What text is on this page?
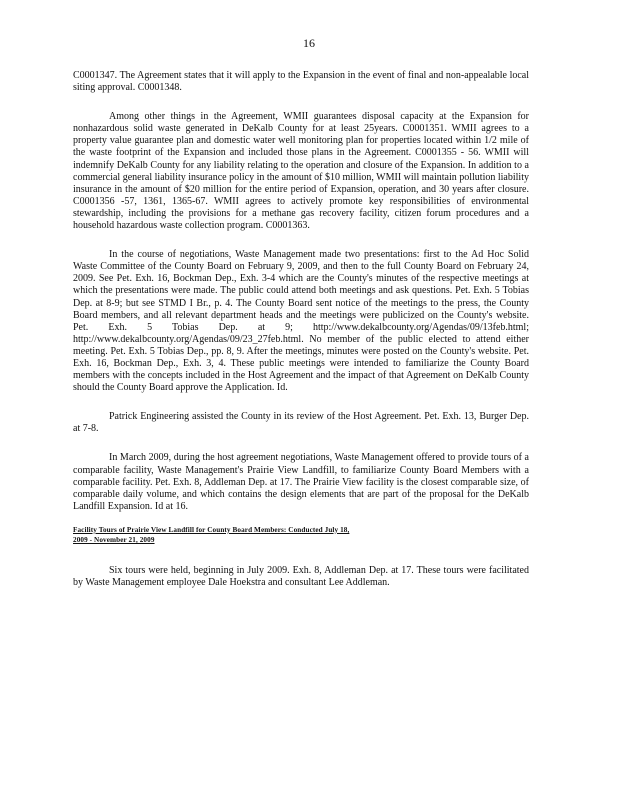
16

C0001347. The Agreement states that it will apply to the Expansion in the event of final and non-appealable local siting approval. C0001348.

Among other things in the Agreement, WMII guarantees disposal capacity at the Expansion for nonhazardous solid waste generated in DeKalb County for at least 25years. C0001351. WMII agrees to a property value guarantee plan and domestic water well monitoring plan for properties located within 1/2 mile of the waste footprint of the Expansion and included those plans in the Agreement. C0001355 - 56. WMII will indemnify DeKalb County for any liability relating to the operation and closure of the Expansion. In addition to a commercial general liability insurance policy in the amount of $10 million, WMII will maintain pollution liability insurance in the amount of $20 million for the entire period of Expansion, operation, and 30 years after closure. C0001356 -57, 1361, 1365-67. WMII agrees to actively promote key responsibilities of environmental stewardship, including the provisions for a methane gas recovery facility, citizen forum procedures and a household hazardous waste collection program. C0001363.

In the course of negotiations, Waste Management made two presentations: first to the Ad Hoc Solid Waste Committee of the County Board on February 9, 2009, and then to the full County Board on February 24, 2009. See Pet. Exh. 16, Bockman Dep., Exh. 3-4 which are the County's minutes of the respective meetings at which the presentations were made. The public could attend both meetings and ask questions. Pet. Exh. 5 Tobias Dep. at 8-9; but see STMD I Br., p. 4. The County Board sent notice of the meetings to the press, the County Board members, and all relevant department heads and the meetings were publicized on the County's website. Pet. Exh. 5 Tobias Dep. at 9; http://www.dekalbcounty.org/Agendas/09/13feb.html; http://www.dekalbcounty.org/Agendas/09/23_27feb.html. No member of the public elected to attend either meeting. Pet. Exh. 5 Tobias Dep., pp. 8, 9. After the meetings, minutes were posted on the County's website. Pet. Exh. 16, Bockman Dep., Exh. 3, 4. These public meetings were intended to familiarize the County Board members with the concepts included in the Host Agreement and the impact of that Agreement on DeKalb County should the County Board approve the Application. Id.

Patrick Engineering assisted the County in its review of the Host Agreement. Pet. Exh. 13, Burger Dep. at 7-8.

In March 2009, during the host agreement negotiations, Waste Management offered to provide tours of a comparable facility, Waste Management's Prairie View Landfill, to familiarize County Board Members with a comparable facility. Pet. Exh. 8, Addleman Dep. at 17. The Prairie View facility is the closest comparable size, of comparable daily volume, and which contains the design elements that are part of the proposal for the DeKalb Landfill Expansion. Id at 16.

Facility Tours of Prairie View Landfill for County Board Members: Conducted July 18,
2009 - November 21, 2009

Six tours were held, beginning in July 2009. Exh. 8, Addleman Dep. at 17. These tours were facilitated by Waste Management employee Dale Hoekstra and consultant Lee Addleman.
